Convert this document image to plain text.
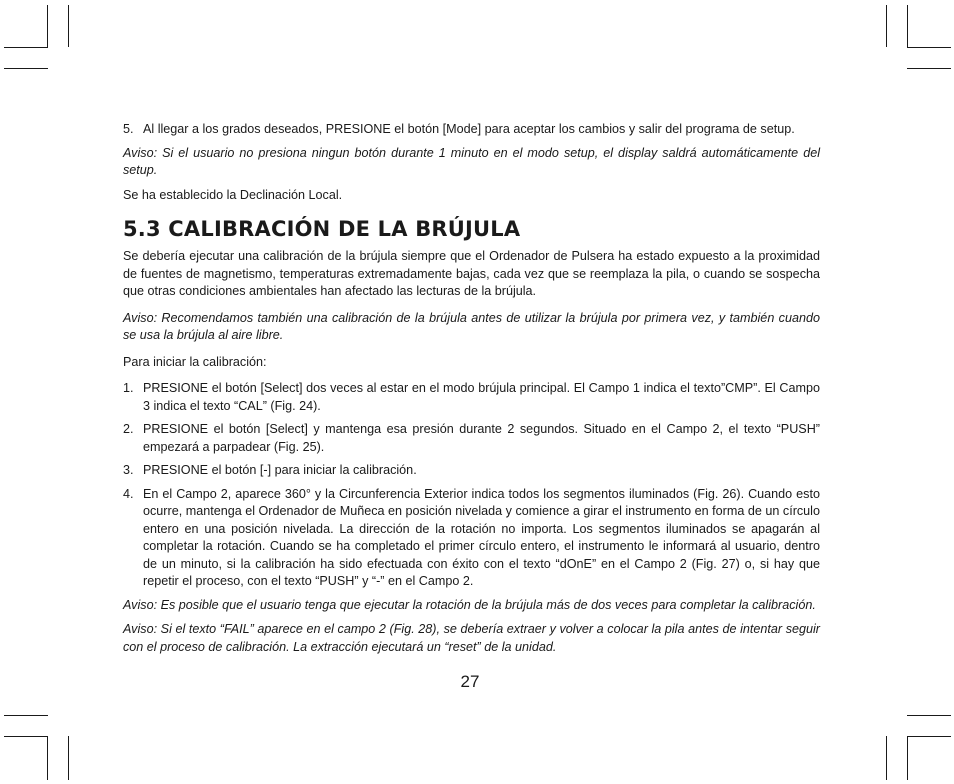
5. Al llegar a los grados deseados, PRESIONE el botón [Mode] para aceptar los cambios y salir del programa de setup.

Aviso: Si el usuario no presiona ningun botón durante 1 minuto en el modo setup, el display saldrá automáticamente del setup.

Se ha establecido la Declinación Local.

5.3 CALIBRACIÓN DE LA BRÚJULA

Se debería ejecutar una calibración de la brújula siempre que el Ordenador de Pulsera ha estado expuesto a la proximidad de fuentes de magnetismo, temperaturas extremadamente bajas, cada vez que se reemplaza la pila, o cuando se sospecha que otras condiciones ambientales han afectado las lecturas de la brújula.

Aviso: Recomendamos también una calibración de la brújula antes de utilizar la brújula por primera vez, y también cuando se usa la brújula al aire libre.

Para iniciar la calibración:

1. PRESIONE el botón [Select] dos veces al estar en el modo brújula principal. El Campo 1 indica el texto”CMP”. El Campo 3 indica el texto “CAL” (Fig. 24).
2. PRESIONE el botón [Select] y mantenga esa presión durante 2 segundos. Situado en el Campo 2, el texto “PUSH” empezará a parpadear (Fig. 25).
3. PRESIONE el botón [-] para iniciar la calibración.
4. En el Campo 2, aparece 360° y la Circunferencia Exterior indica todos los segmentos iluminados (Fig. 26). Cuando esto ocurre, mantenga el Ordenador de Muñeca en posición nivelada y comience a girar el instrumento en forma de un círculo entero en una posición nivelada. La dirección de la rotación no importa. Los segmentos iluminados se apagarán al completar la rotación. Cuando se ha completado el primer círculo entero, el instrumento le informará al usuario, dentro de un minuto, si la calibración ha sido efectuada con éxito con el texto “dOnE” en el Campo 2 (Fig. 27) o, si hay que repetir el proceso, con el texto “PUSH” y “-” en el Campo 2.

Aviso: Es posible que el usuario tenga que ejecutar la rotación de la brújula más de dos veces para completar la calibración.

Aviso: Si el texto “FAIL” aparece en el campo 2 (Fig. 28), se debería extraer y volver a colocar la pila antes de intentar seguir con el proceso de calibración. La extracción ejecutará un “reset” de la unidad.

27
